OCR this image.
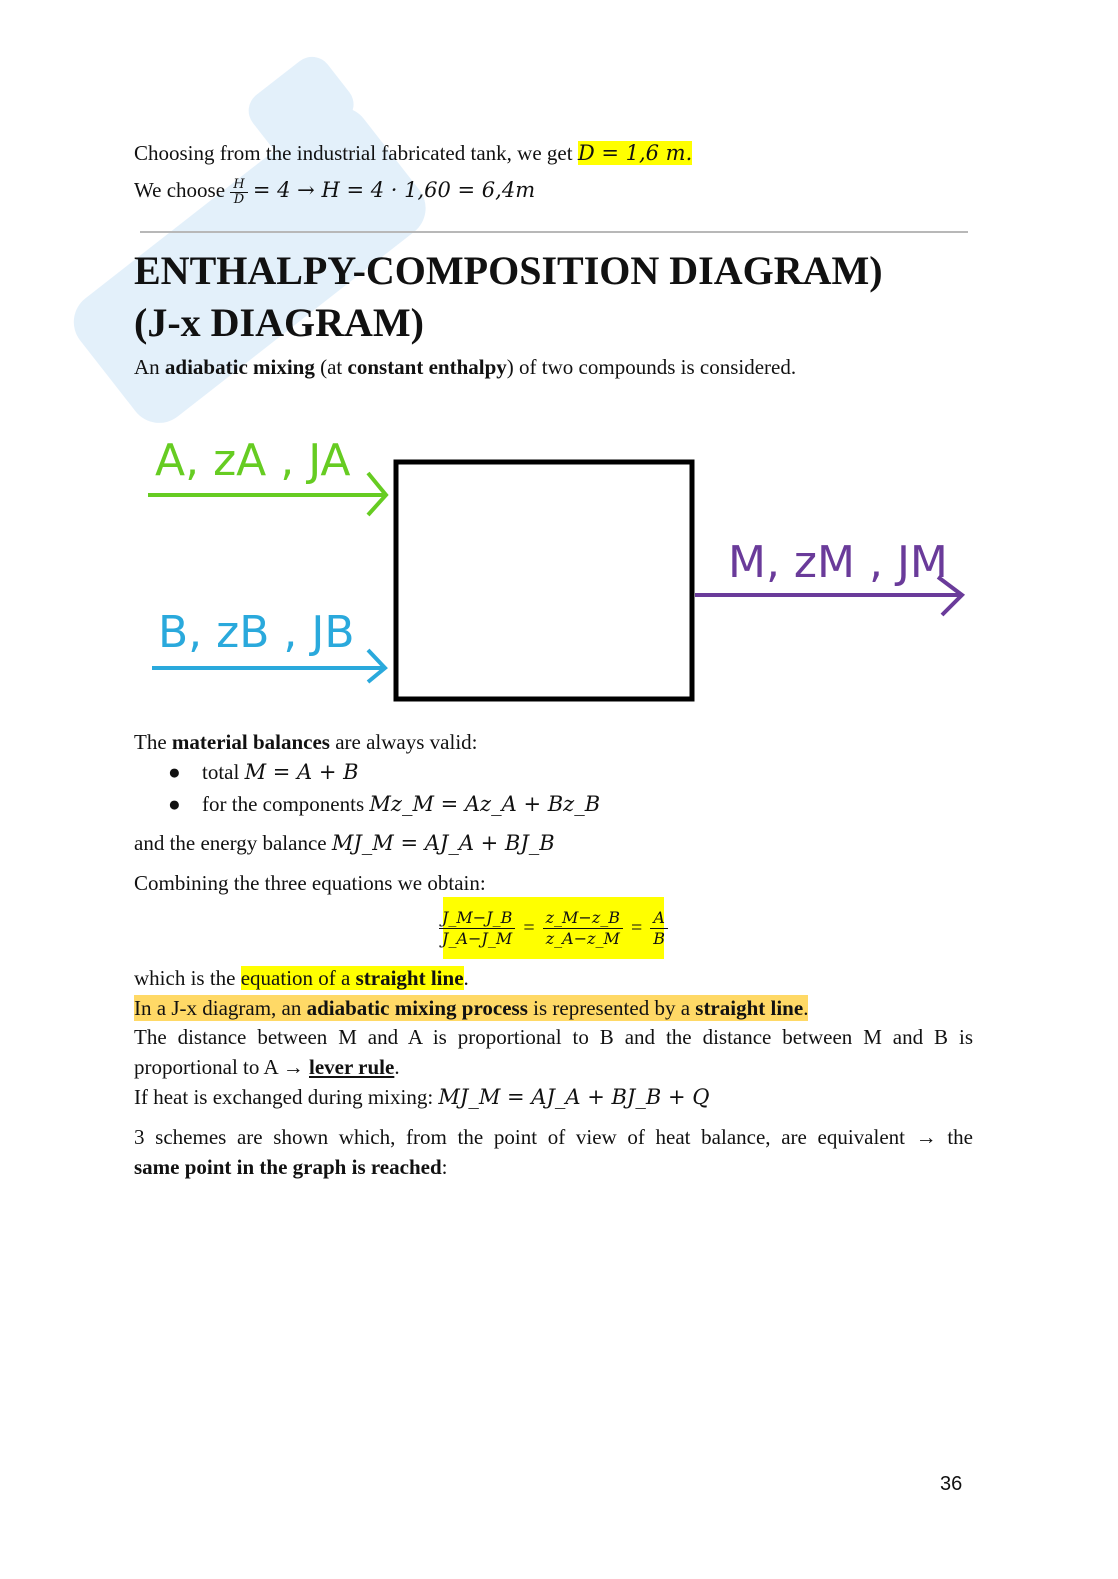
Choosing from the industrial fabricated tank, we get D = 1,6 m.
We choose $\frac{H}{D} = 4 \to H = 4 \cdot 1,60 = 6,4m$
ENTHALPY-COMPOSITION DIAGRAM)
(J-x DIAGRAM)
An adiabatic mixing (at constant enthalpy) of two compounds is considered.
A, zA , JA
B, zB , JB
M, zM , JM
The material balances are always valid:
● total M = A + B
● for the components Mz_M = Az_A + Bz_B
and the energy balance MJ_M = AJ_A + BJ_B
Combining the three equations we obtain:
$\frac{J\_M-J\_B}{J\_A-J\_M} = \frac{z\_M-z\_B}{z\_A-z\_M} = \frac{A}{B}$
which is the equation of a straight line.
In a J-x diagram, an adiabatic mixing process is represented by a straight line.
The distance between M and A is proportional to B and the distance between M and B is
proportional to A → lever rule.
If heat is exchanged during mixing: MJ_M = AJ_A + BJ_B + Q
3 schemes are shown which, from the point of view of heat balance, are equivalent → the
same point in the graph is reached:
36
